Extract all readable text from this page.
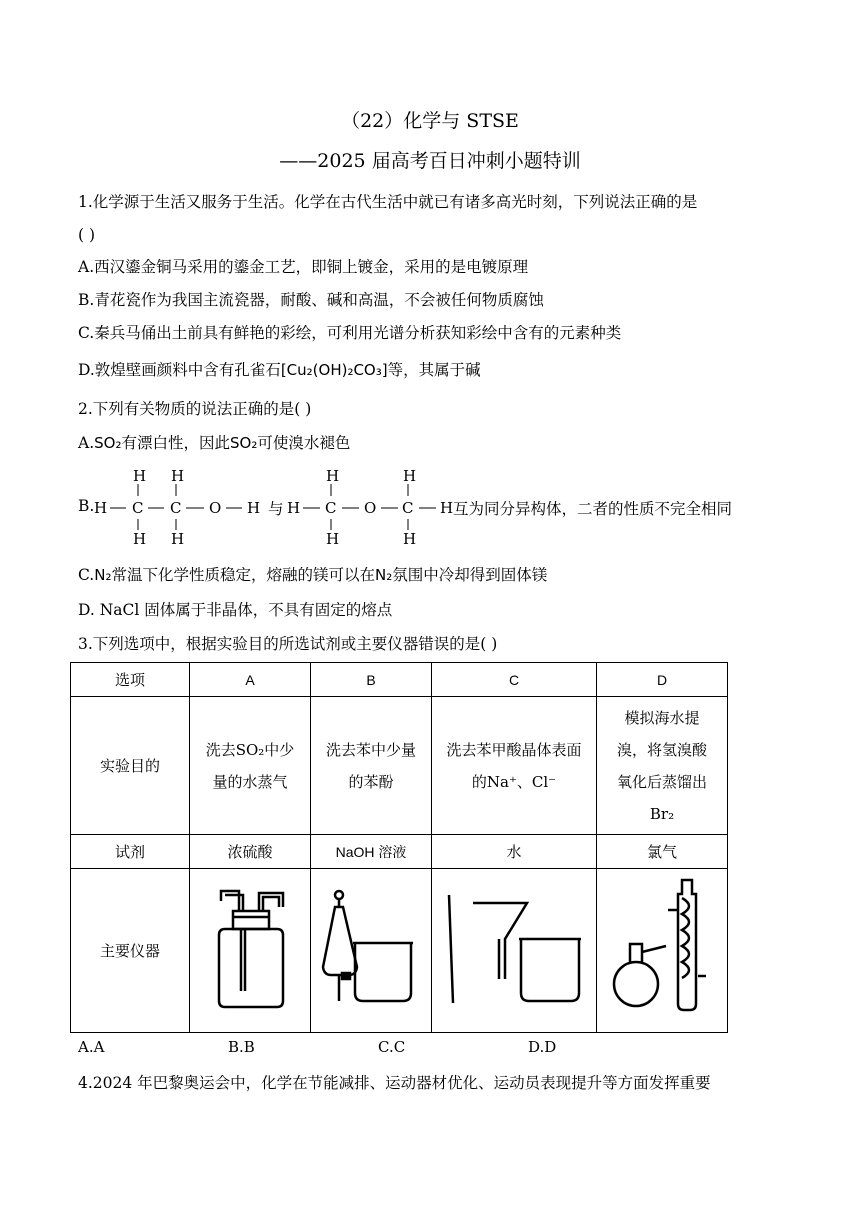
（22）化学与 STSE
——2025 届高考百日冲刺小题特训
1.化学源于生活又服务于生活。化学在古代生活中就已有诸多高光时刻，下列说法正确的是
( )
A.西汉鎏金铜马采用的鎏金工艺，即铜上镀金，采用的是电镀原理
B.青花瓷作为我国主流瓷器，耐酸、碱和高温，不会被任何物质腐蚀
C.秦兵马俑出土前具有鲜艳的彩绘，可利用光谱分析获知彩绘中含有的元素种类
D.敦煌壁画颜料中含有孔雀石[Cu₂(OH)₂CO₃]等，其属于碱
2.下列有关物质的说法正确的是( )
A.SO₂有漂白性，因此SO₂可使溴水褪色
B. H C
H
H
C
H
H
O H H C
H
H
O C
H
H
H
与	互为同分异构体，二者的性质不完全相同
C.N₂常温下化学性质稳定，熔融的镁可以在N₂氛围中冷却得到固体镁
D. NaCl 固体属于非晶体，不具有固定的熔点
3.下列选项中，根据实验目的所选试剂或主要仪器错误的是( )
选项	A	B	C	D
实验目的	洗去SO₂中少量的水蒸气	洗去苯中少量的苯酚	洗去苯甲酸晶体表面的Na⁺、Cl⁻	模拟海水提溴，将氢溴酸氧化后蒸馏出Br₂

试剂	浓硫酸	NaOH 溶液	水	氯气
主要仪器				
A.A	B.B	C.C	D.D
4.2024 年巴黎奥运会中，化学在节能减排、运动器材优化、运动员表现提升等方面发挥重要
